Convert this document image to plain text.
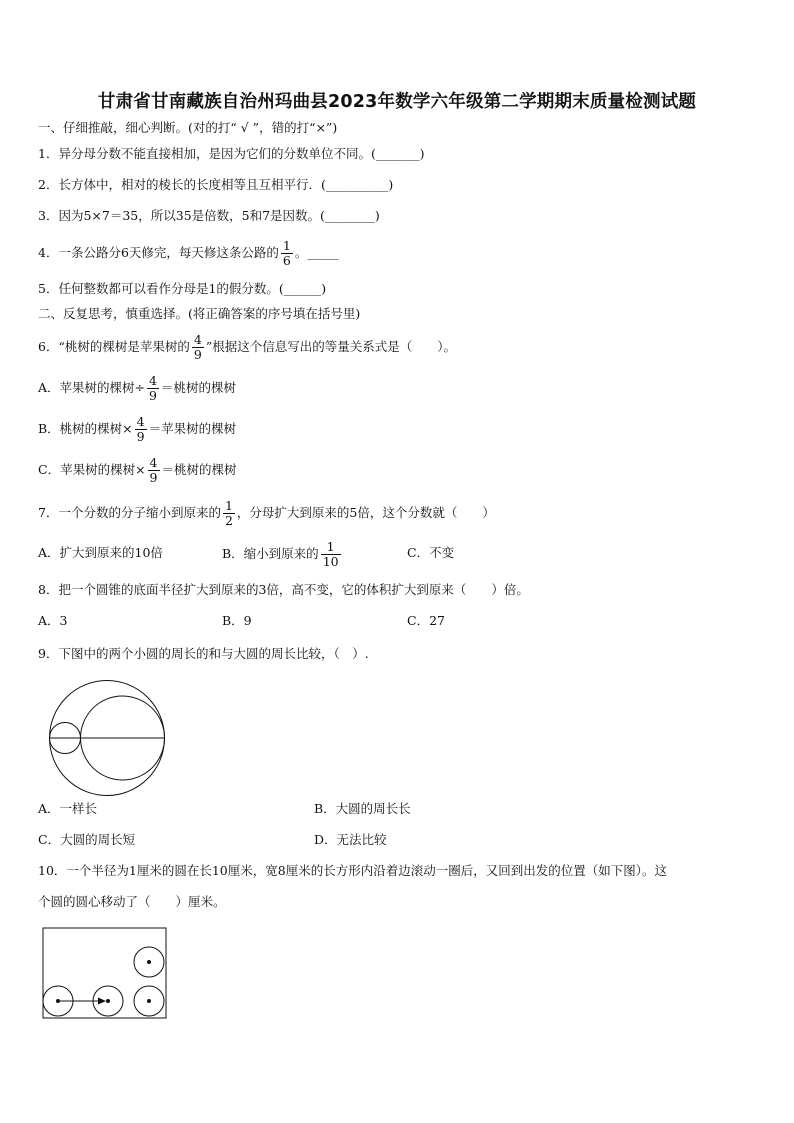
甘肃省甘南藏族自治州玛曲县2023年数学六年级第二学期期末质量检测试题
一、仔细推敲，细心判断。(对的打“ √ ”，错的打“×”)
1．异分母分数不能直接相加，是因为它们的分数单位不同。(_______)
2．长方体中，相对的棱长的长度相等且互相平行．(__________)
3．因为5×7＝35，所以35是倍数，5和7是因数。(________)
4．一条公路分6天修完，每天修这条公路的 $\frac{1}{6}$ 。_____
5．任何整数都可以看作分母是1的假分数。(______)
二、反复思考，慎重选择。(将正确答案的序号填在括号里)
6．“桃树的棵树是苹果树的 $\frac{4}{9}$ ”根据这个信息写出的等量关系式是（　　）。
A．苹果树的棵树÷ $\frac{4}{9}$ ＝桃树的棵树
B．桃树的棵树× $\frac{4}{9}$ ＝苹果树的棵树
C．苹果树的棵树× $\frac{4}{9}$ ＝桃树的棵树
7．一个分数的分子缩小到原来的 $\frac{1}{2}$ ，分母扩大到原来的5倍，这个分数就（　　）
A．扩大到原来的10倍	B．缩小到原来的 $\frac{1}{10}$	C．不变
8．把一个圆锥的底面半径扩大到原来的3倍，高不变，它的体积扩大到原来（　　）倍。
A．3	B．9	C．27
9．下图中的两个小圆的周长的和与大圆的周长比较，（　）.
A．一样长	B．大圆的周长长
C．大圆的周长短	D．无法比较
10．一个半径为1厘米的圆在长10厘米，宽8厘米的长方形内沿着边滚动一圈后，又回到出发的位置（如下图）。这
个圆的圆心移动了（　　）厘米。
